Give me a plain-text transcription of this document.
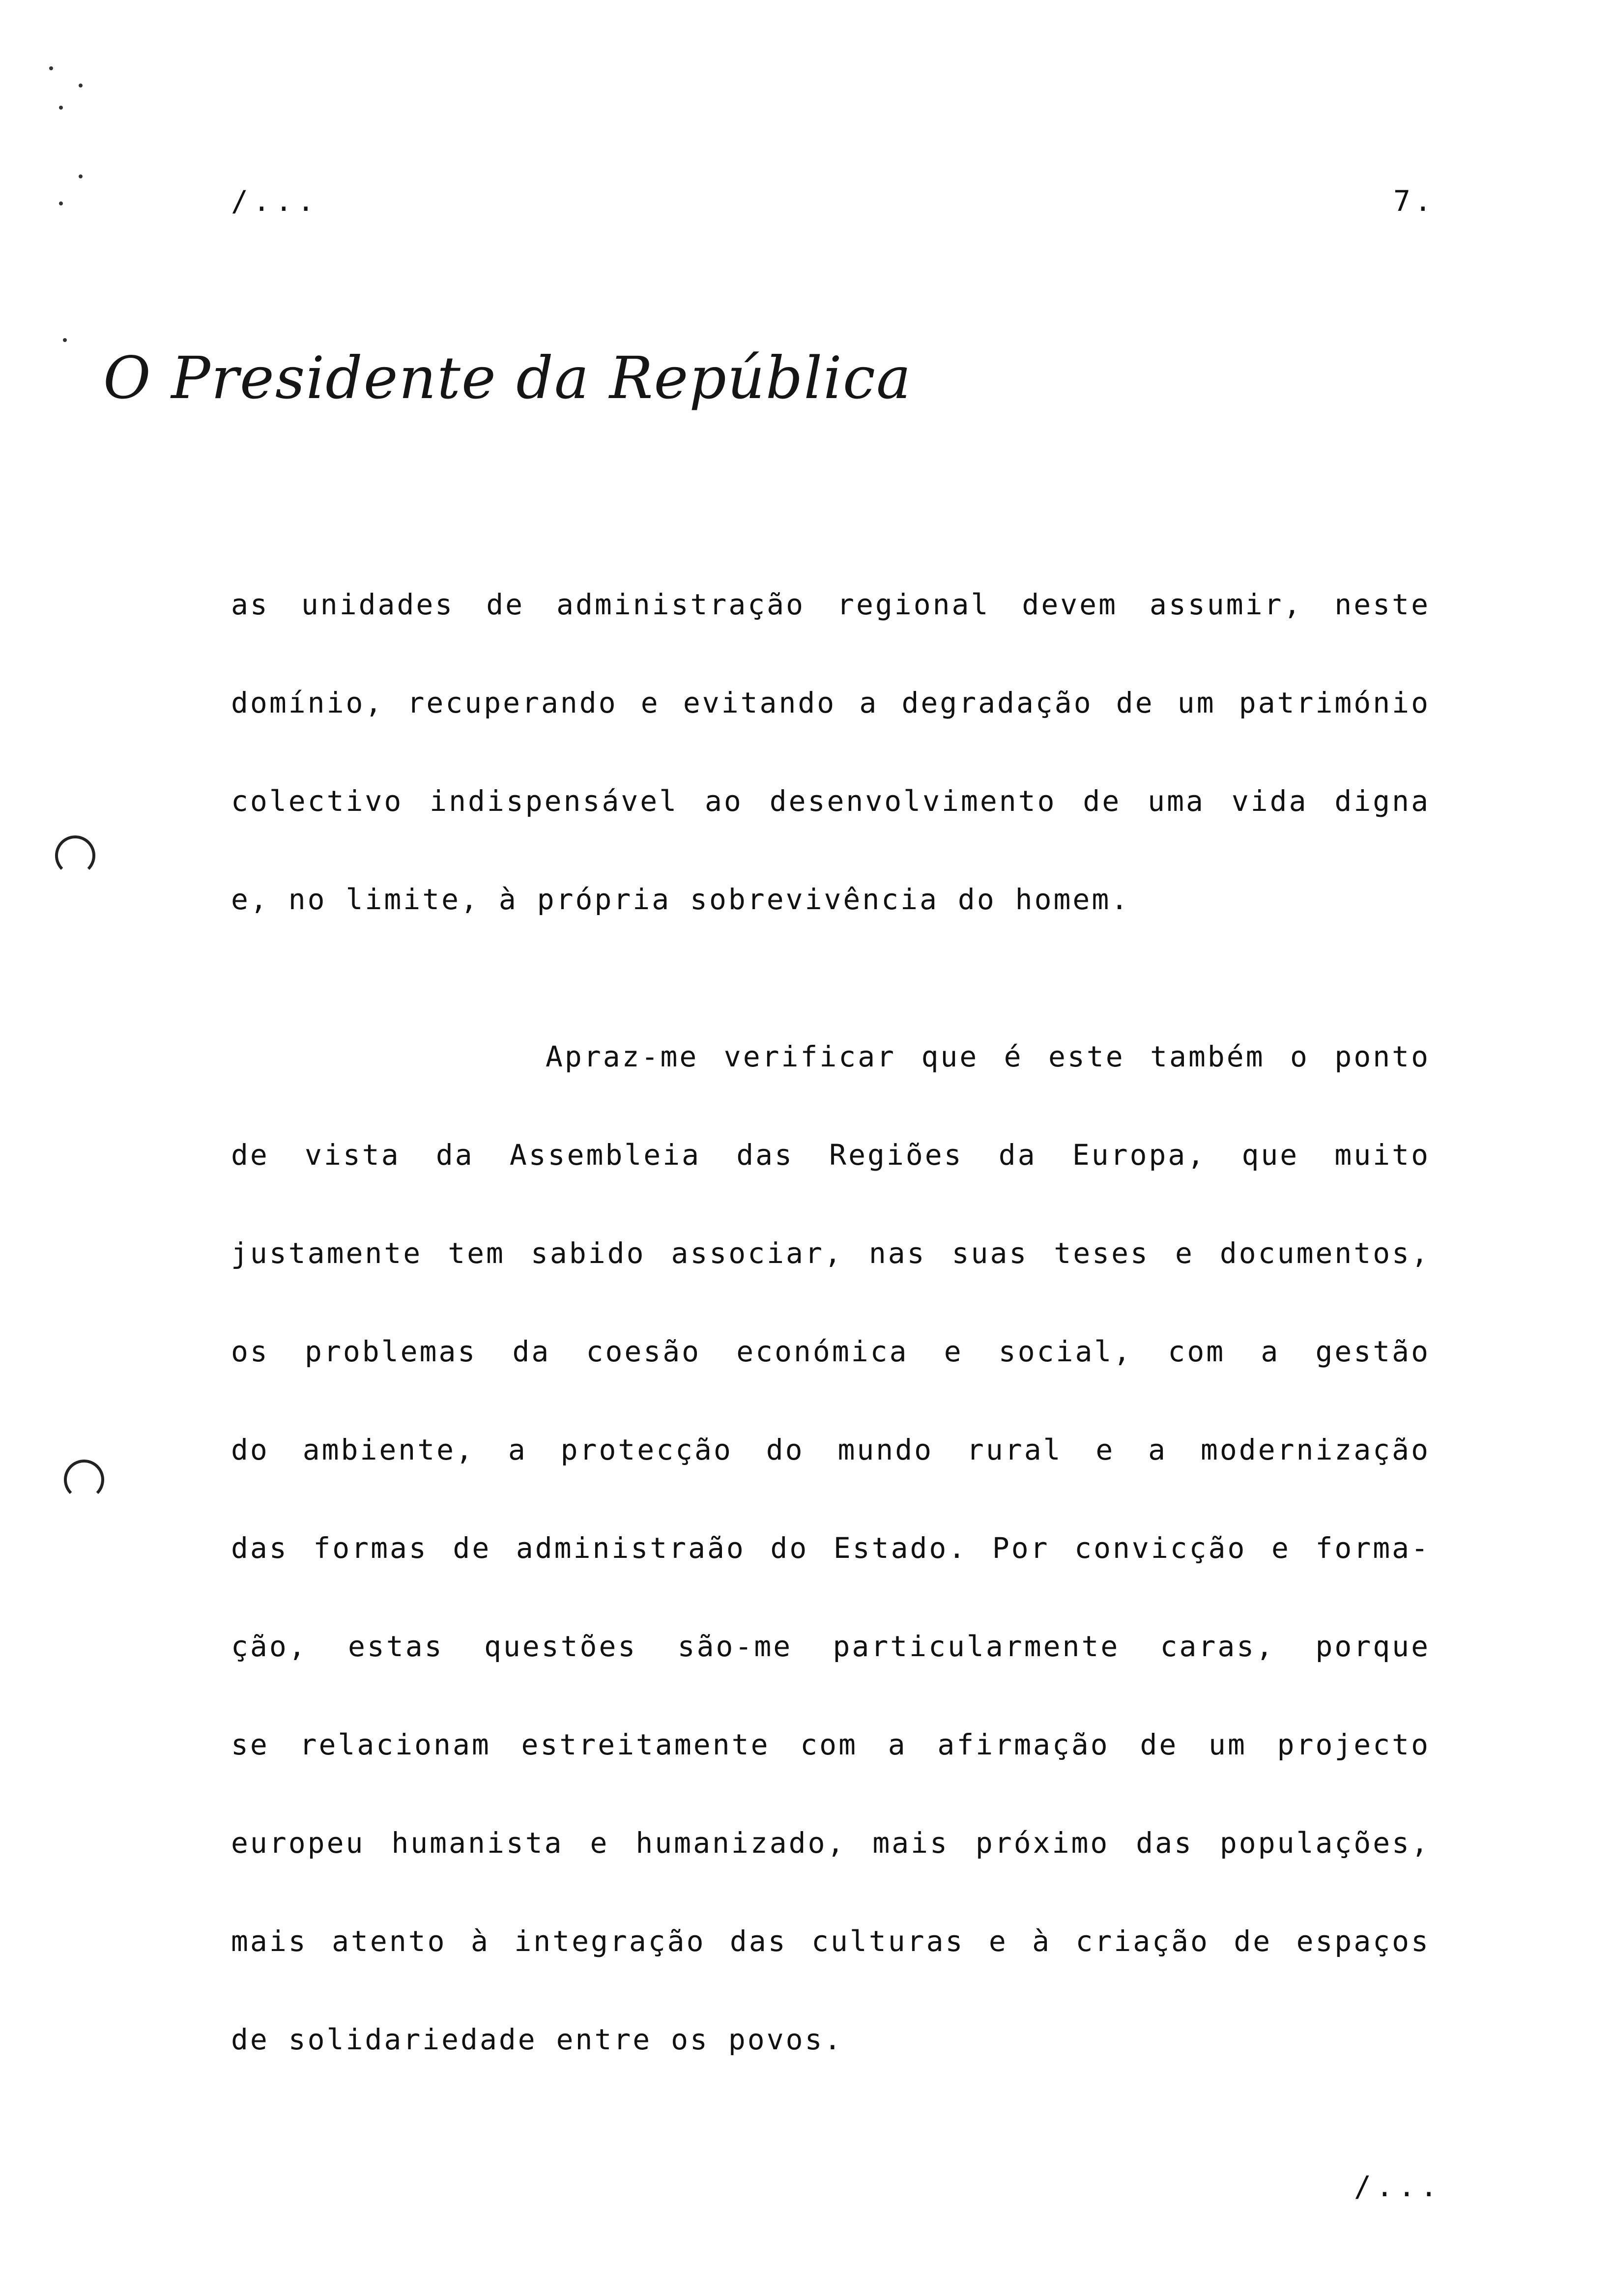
/...	7.
O Presidente da República
as unidades de administração regional devem assumir, neste
domínio, recuperando e evitando a degradação de um património
colectivo indispensável ao desenvolvimento de uma vida digna
e, no limite, à própria sobrevivência do homem.
Apraz-me verificar que é este também o ponto
de vista da Assembleia das Regiões da Europa, que muito
justamente tem sabido associar, nas suas teses e documentos,
os problemas da coesão económica e social, com a gestão
do ambiente, a protecção do mundo rural e a modernização
das formas de administraão do Estado. Por convicção e forma-
ção, estas questões são-me particularmente caras, porque
se relacionam estreitamente com a afirmação de um projecto
europeu humanista e humanizado, mais próximo das populações,
mais atento à integração das culturas e à criação de espaços
de solidariedade entre os povos.
/...
